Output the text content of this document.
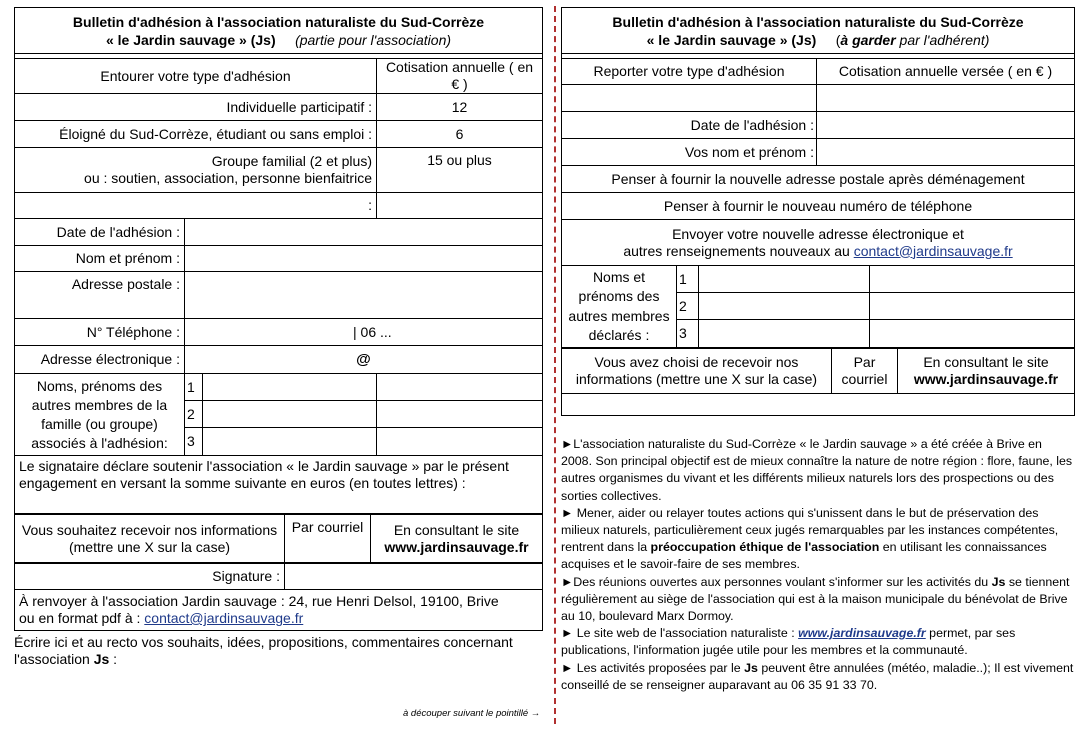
Bulletin d'adhésion à l'association naturaliste du Sud-Corrèze
« le Jardin sauvage » (Js) (partie pour l'association)			

Entourer votre type d'adhésion			Cotisation annuelle ( en € )
Individuelle participatif :			12
Éloigné du Sud-Corrèze, étudiant ou sans emploi :			6

Groupe familial (2 et plus)
ou : soutien, association, personne bienfaitrice			15 ou plus
:			
Date de l'adhésion :			
Nom et prénom :			
Adresse postale :			
N° Téléphone :	| 06 ...		
Adresse électronique :	@		
Noms, prénoms des autres membres de la famille (ou groupe) associés à l'adhésion:	1		
	2		
	3		
Le signataire déclare soutenir l'association « le Jardin sauvage » par le présent engagement en versant la somme suivante en euros (en toutes lettres) :			
Vous souhaitez recevoir nos informations (mettre une X sur la case)	Par courriel	En consultant le site
www.jardinsauvage.fr
Signature :	

À renvoyer à l'association Jardin sauvage : 24, rue Henri Delsol, 19100, Brive
ou en format pdf à : contact@jardinsauvage.fr
Écrire ici et au recto vos souhaits, idées, propositions, commentaires concernant
l'association Js :
à découper suivant le pointillé →
Bulletin d'adhésion à l'association naturaliste du Sud-Corrèze
« le Jardin sauvage » (Js) (à garder par l'adhérent)				

Reporter votre type d'adhésion			Cotisation annuelle versée ( en € )	

Date de l'adhésion :				
Vos nom et prénom :				
Penser à fournir la nouvelle adresse postale après déménagement				
Penser à fournir le nouveau numéro de téléphone				

Envoyer votre nouvelle adresse électronique et
autres renseignements nouveaux au contact@jardinsauvage.fr				

Noms et prénoms des autres membres déclarés :	1			
	2			
	3			
Vous avez choisi de recevoir nos informations (mettre une X sur la case)	Par courriel	
En consultant le site
www.jardinsauvage.fr

►L'association naturaliste du Sud-Corrèze « le Jardin sauvage » a été créée à Brive en 2008. Son principal objectif est de mieux connaître la nature de notre région : flore, faune, les autres organismes du vivant et les différents milieux naturels lors des prospections ou des sorties collectives.
► Mener, aider ou relayer toutes actions qui s'unissent dans le but de préservation des milieux naturels, particulièrement ceux jugés remarquables par les instances compétentes, rentrent dans la préoccupation éthique de l'association en utilisant les connaissances acquises et le savoir-faire de ses membres.
►Des réunions ouvertes aux personnes voulant s'informer sur les activités du Js se tiennent régulièrement au siège de l'association qui est à la maison municipale du bénévolat de Brive au 10, boulevard Marx Dormoy.
► Le site web de l'association naturaliste : www.jardinsauvage.fr permet, par ses publications, l'information jugée utile pour les membres et la communauté.
► Les activités proposées par le Js peuvent être annulées (météo, maladie..); Il est vivement conseillé de se renseigner auparavant au 06 35 91 33 70.
